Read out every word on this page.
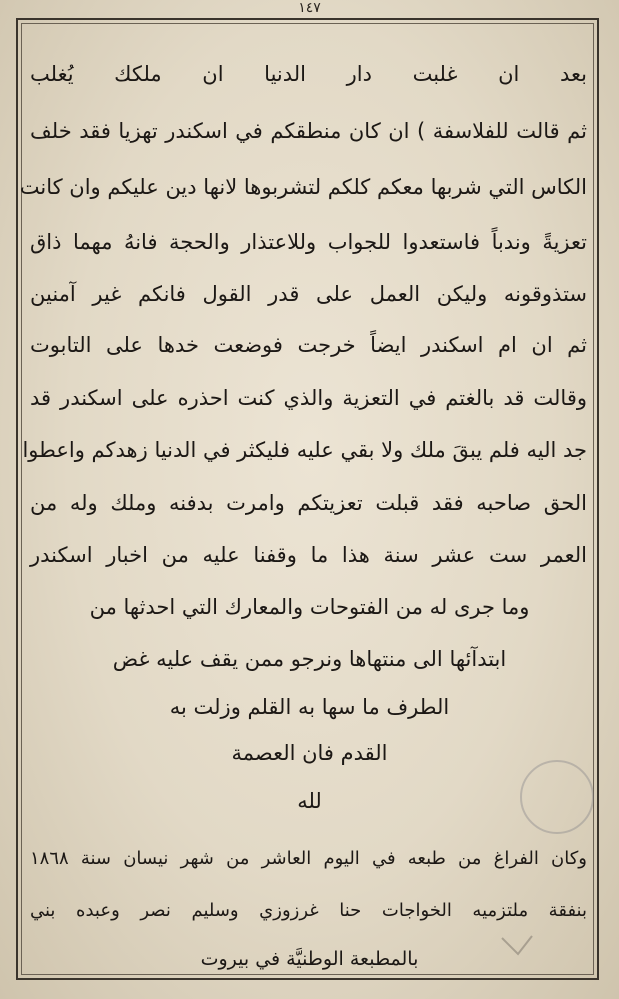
١٤٧
بعد ان غلبت دار الدنيا ان ملكك يُغلب
ثم قالت للفلاسفة ) ان كان منطقكم في اسكندر تهزيا فقد خلف
الكاس التي شربها معكم كلكم لتشربوها لانها دين عليكم وان كانت
تعزيةً وندباً فاستعدوا للجواب وللاعتذار والحجة فانهُ مهما ذاق
ستذوقونه وليكن العمل على قدر القول فانكم غير آمنين
ثم ان ام اسكندر ايضاً خرجت فوضعت خدها على التابوت
وقالت قد بالغتم في التعزية والذي كنت احذره على اسكندر قد
جد اليه فلم يبقَ ملك ولا بقي عليه فليكثر في الدنيا زهدكم واعطوا
الحق صاحبه فقد قبلت تعزيتكم وامرت بدفنه وملك وله من
العمر ست عشر سنة هذا ما وقفنا عليه من اخبار اسكندر
وما جرى له من الفتوحات والمعارك التي احدثها من
ابتدآئها الى منتهاها ونرجو ممن يقف عليه غض
الطرف ما سها به القلم وزلت به
القدم فان العصمة
لله
وكان الفراغ من طبعه في اليوم العاشر من شهر نيسان سنة ١٨٦٨
بنفقة ملتزميه الخواجات حنا غرزوزي وسليم نصر وعبده بني
بالمطبعة الوطنيَّة في بيروت
